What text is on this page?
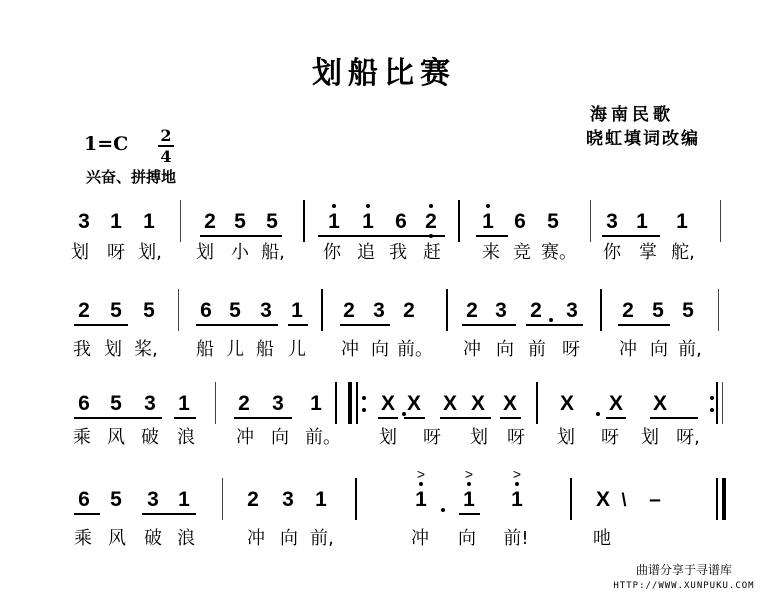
划船比赛
海南民歌
晓虹填词改编
$1=C \frac{2}{4}$
兴奋、拼搏地
3 1 1 2 5 5 1 1 6 2 1 6 5 3 1 1
划 呀 划, 划 小 船, 你 追 我 赶 来 竞 赛。 你 掌 舵,
2 5 5 6 5 3 1 2 3 2 2 3 2 3 2 5 5
我 划 桨, 船 儿 船 儿 冲 向 前。 冲 向 前 呀 冲 向 前,
6 5 3 1 2 3 1	X X X X X X X X
乘 风 破 浪 冲 向 前。 划 呀 划 呀 划 呀 划 呀,
6 5 3 1	2 3 1	1
>
1
>
1
>
X –
乘 风 破 浪	冲 向 前,	冲 向 前!	吔
\
曲谱分享于寻谱库
HTTP://WWW.XUNPUKU.COM
